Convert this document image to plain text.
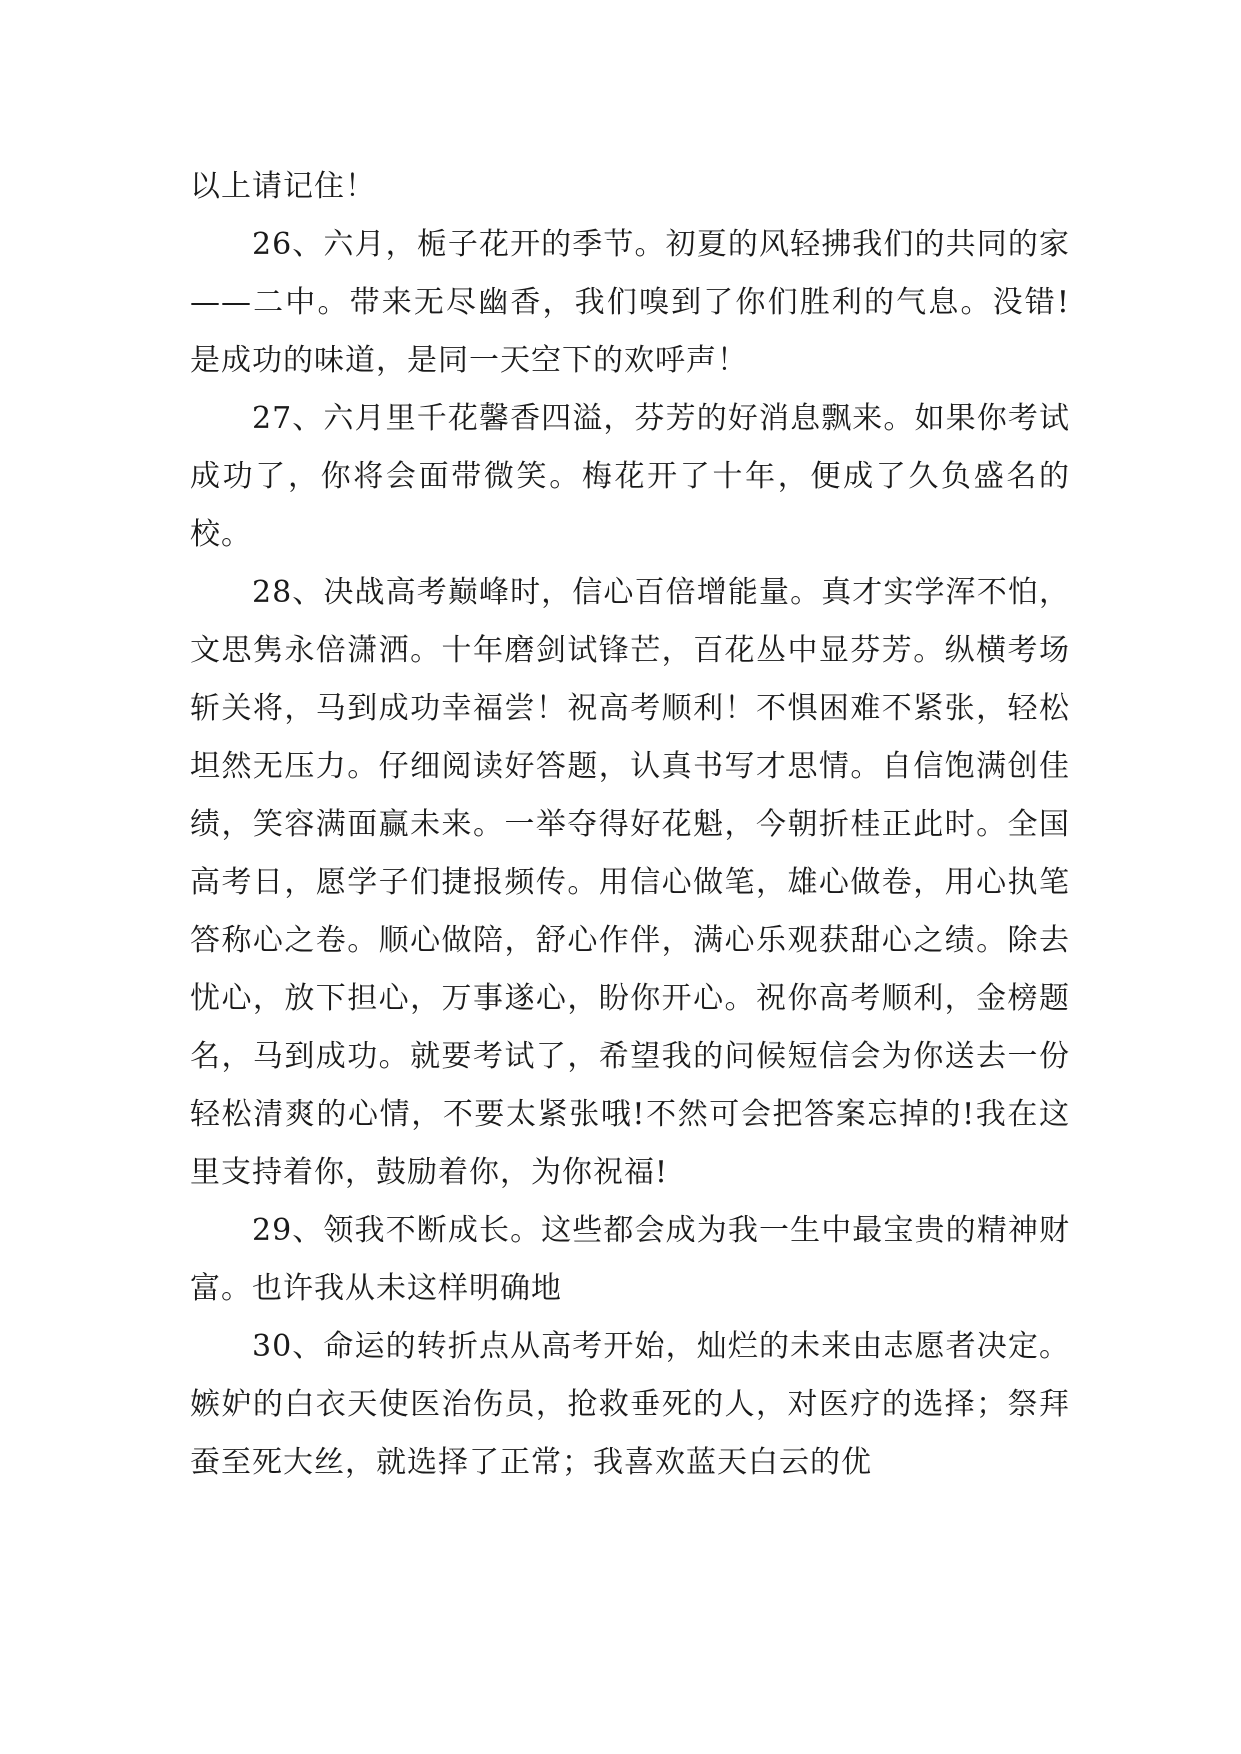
以上请记住！

26、六月，栀子花开的季节。初夏的风轻拂我们的共同的家——二中。带来无尽幽香，我们嗅到了你们胜利的气息。没错!是成功的味道，是同一天空下的欢呼声！

27、六月里千花馨香四溢，芬芳的好消息飘来。如果你考试成功了，你将会面带微笑。梅花开了十年，便成了久负盛名的校。

28、决战高考巅峰时，信心百倍增能量。真才实学浑不怕，文思隽永倍潇洒。十年磨剑试锋芒，百花丛中显芬芳。纵横考场斩关将，马到成功幸福尝！祝高考顺利！不惧困难不紧张，轻松坦然无压力。仔细阅读好答题，认真书写才思情。自信饱满创佳绩，笑容满面赢未来。一举夺得好花魁，今朝折桂正此时。全国高考日，愿学子们捷报频传。用信心做笔，雄心做卷，用心执笔答称心之卷。顺心做陪，舒心作伴，满心乐观获甜心之绩。除去忧心，放下担心，万事遂心，盼你开心。祝你高考顺利，金榜题名，马到成功。就要考试了，希望我的问候短信会为你送去一份轻松清爽的心情，不要太紧张哦!不然可会把答案忘掉的!我在这里支持着你，鼓励着你，为你祝福!

29、领我不断成长。这些都会成为我一生中最宝贵的精神财富。也许我从未这样明确地

30、命运的转折点从高考开始，灿烂的未来由志愿者决定。嫉妒的白衣天使医治伤员，抢救垂死的人，对医疗的选择；祭拜蚕至死大丝，就选择了正常；我喜欢蓝天白云的优
